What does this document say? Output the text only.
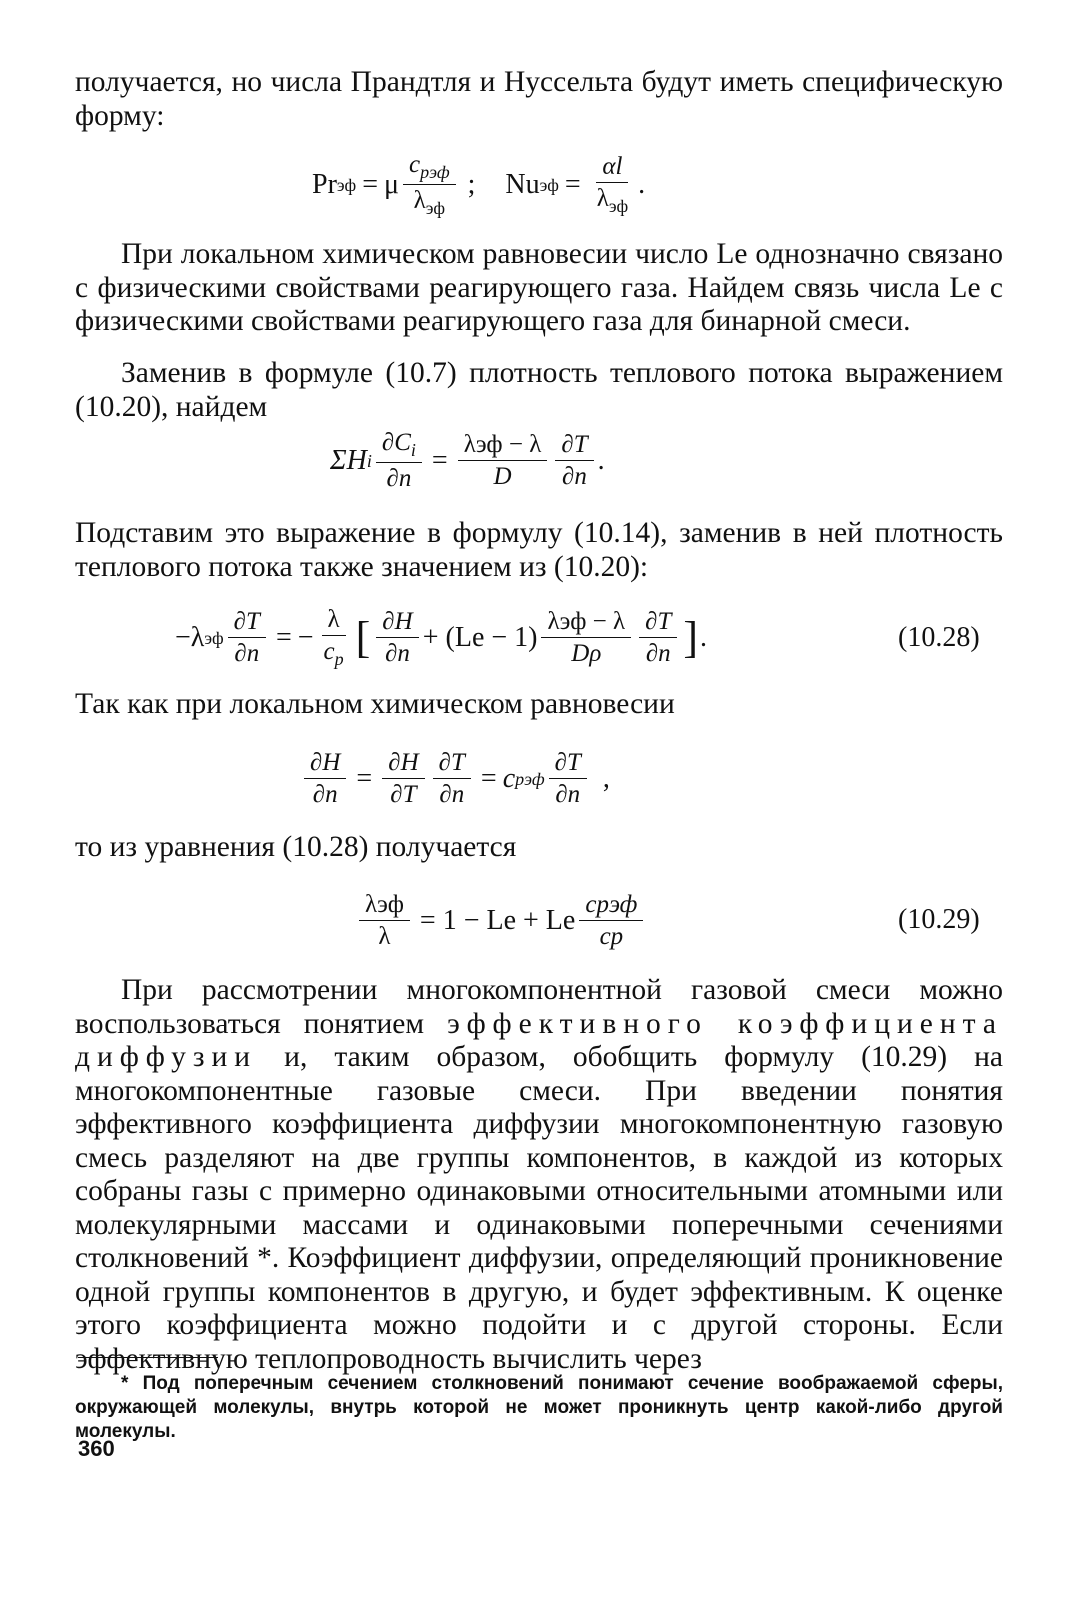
получается, но числа Прандтля и Нуссельта будут иметь специфическую форму:

Pr эф = μ $\frac{c_{pэф}}{\lambda_{эф}}$ ; Nu эф = $\frac{\alpha l}{\lambda_{эф}}$ .

При локальном химическом равновесии число Le однозначно связано с физическими свойствами реагирующего газа. Найдем связь числа Le с физическими свойствами реагирующего газа для бинарной смеси.

Заменив в формуле (10.7) плотность теплового потока выражением (10.20), найдем

ΣH i $\frac{\partial C_i}{\partial n} = \frac{\text{λэф − λ}}{D} \frac{\partial T}{\partial n}$ .

Подставим это выражение в формулу (10.14), заменив в ней плотность теплового потока также значением из (10.20):

−λ эф $\frac{\partial T}{\partial n}$ = − $\frac{\lambda}{c_p}$ [ $\frac{\partial H}{\partial n} + (Le - 1) \frac{\text{λэф − λ}}{D\rho} \frac{\partial T}{\partial n}$ ] .	(10.28)

Так как при локальном химическом равновесии

$\frac{\partial H}{\partial n} = \frac{\partial H}{\partial T} \frac{\partial T}{\partial n} = c$ pэф $\frac{\partial T}{\partial n}$ ,

то из уравнения (10.28) получается

$\frac{\text{λэф}}{\lambda} = 1 - Le + Le \frac{\text{cpэф}}{cp}$	(10.29)

При рассмотрении многокомпонентной газовой смеси можно воспользоваться понятием эффективного коэффициента диффузии и, таким образом, обобщить формулу (10.29) на многокомпонентные газовые смеси. При введении понятия эффективного коэффициента диффузии многокомпонентную газовую смесь разделяют на две группы компонентов, в каждой из которых собраны газы с примерно одинаковыми относительными атомными или молекулярными массами и одинаковыми поперечными сечениями столкновений *. Коэффициент диффузии, определяющий проникновение одной группы компонентов в другую, и будет эффективным. К оценке этого коэффициента можно подойти и с другой стороны. Если эффективную теплопроводность вычислить через

* Под поперечным сечением столкновений понимают сечение воображаемой сферы, окружающей молекулы, внутрь которой не может проникнуть центр какой-либо другой молекулы.

360
